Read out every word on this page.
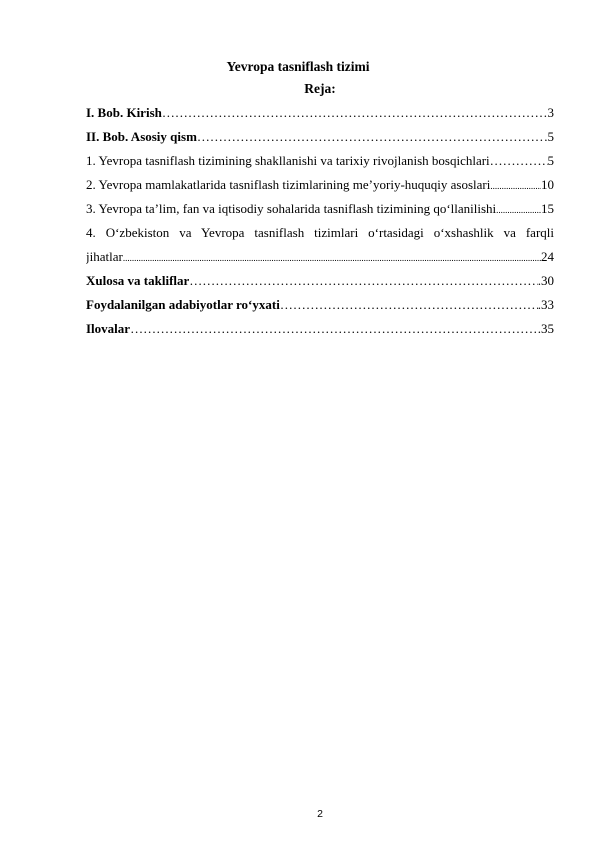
Yevropa tasniflash tizimi
Reja:
I. Bob. Kirish ……………………………………………………………………………………………………………………………………………………………………	3
II. Bob. Asosiy qism ……………………………………………………………………………………………………………………………………………………………………	.5
1. Yevropa tasniflash tizimining shakllanishi va tarixiy rivojlanish bosqichlari ……………………………………………………………………………………………………………………………………………………………………	5
2. Yevropa mamlakatlarida tasniflash tizimlarining me’yoriy-huquqiy asoslari .....	10
3. Yevropa ta’lim, fan va iqtisodiy sohalarida tasniflash tizimining qo‘llanilishi .....	15
4. O‘zbekiston va Yevropa tasniflash tizimlari o‘rtasidagi o‘xshashlik va farqli
jihatlar .....	24
Xulosa va takliflar ……………………………………………………………………………………………………………………………………………………………………	.30
Foydalanilgan adabiyotlar ro‘yxati ……………………………………………………………………………………………………………………………………………………………………	.33
Ilovalar ……………………………………………………………………………………………………………………………………………………………………	.35
2
